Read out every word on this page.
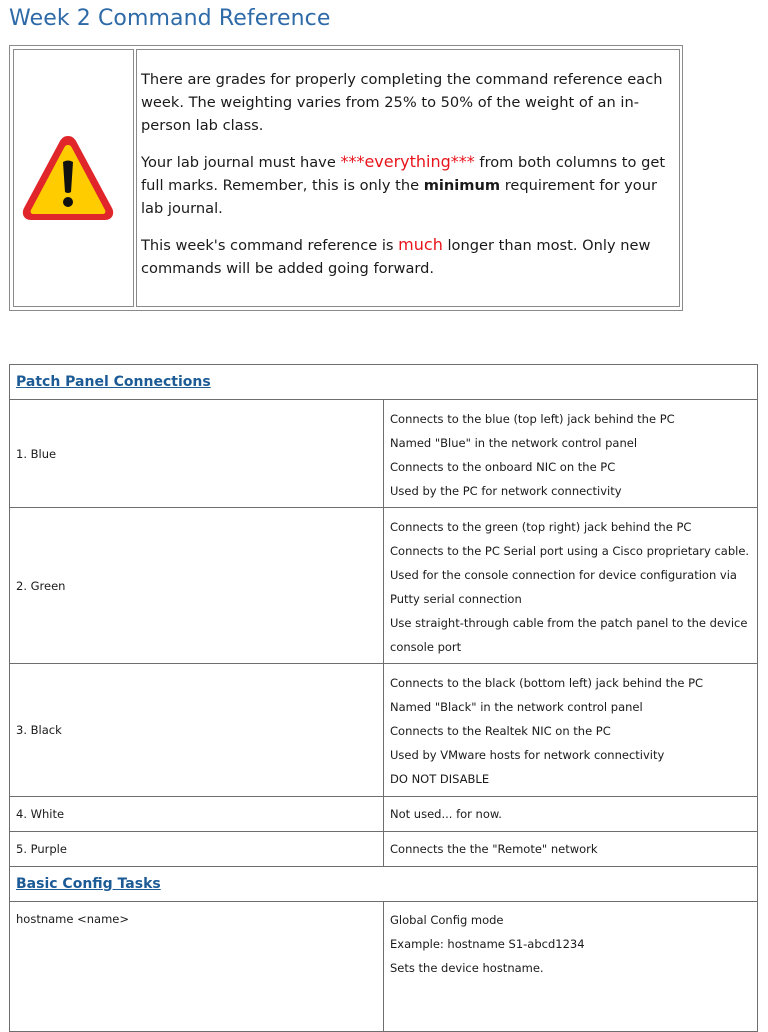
Week 2 Command Reference

There are grades for properly completing the command reference each week. The weighting varies from 25% to 50% of the weight of an in-person lab class.

Your lab journal must have ***everything*** from both columns to get full marks. Remember, this is only the minimum requirement for your lab journal.

This week's command reference is much longer than most. Only new commands will be added going forward.

Patch Panel Connections	
1. Blue	Connects to the blue (top left) jack behind the PC
Named "Blue" in the network control panel
Connects to the onboard NIC on the PC
Used by the PC for network connectivity

2. Green	Connects to the green (top right) jack behind the PC
Connects to the PC Serial port using a Cisco proprietary cable.
Used for the console connection for device configuration via Putty serial connection
Use straight-through cable from the patch panel to the device console port

3. Black	Connects to the black (bottom left) jack behind the PC
Named "Black" in the network control panel
Connects to the Realtek NIC on the PC
Used by VMware hosts for network connectivity
DO NOT DISABLE

4. White	Not used... for now.

5. Purple	Connects the the "Remote" network

Basic Config Tasks	
hostname <name>	Global Config mode
Example: hostname S1-abcd1234
Sets the device hostname.
